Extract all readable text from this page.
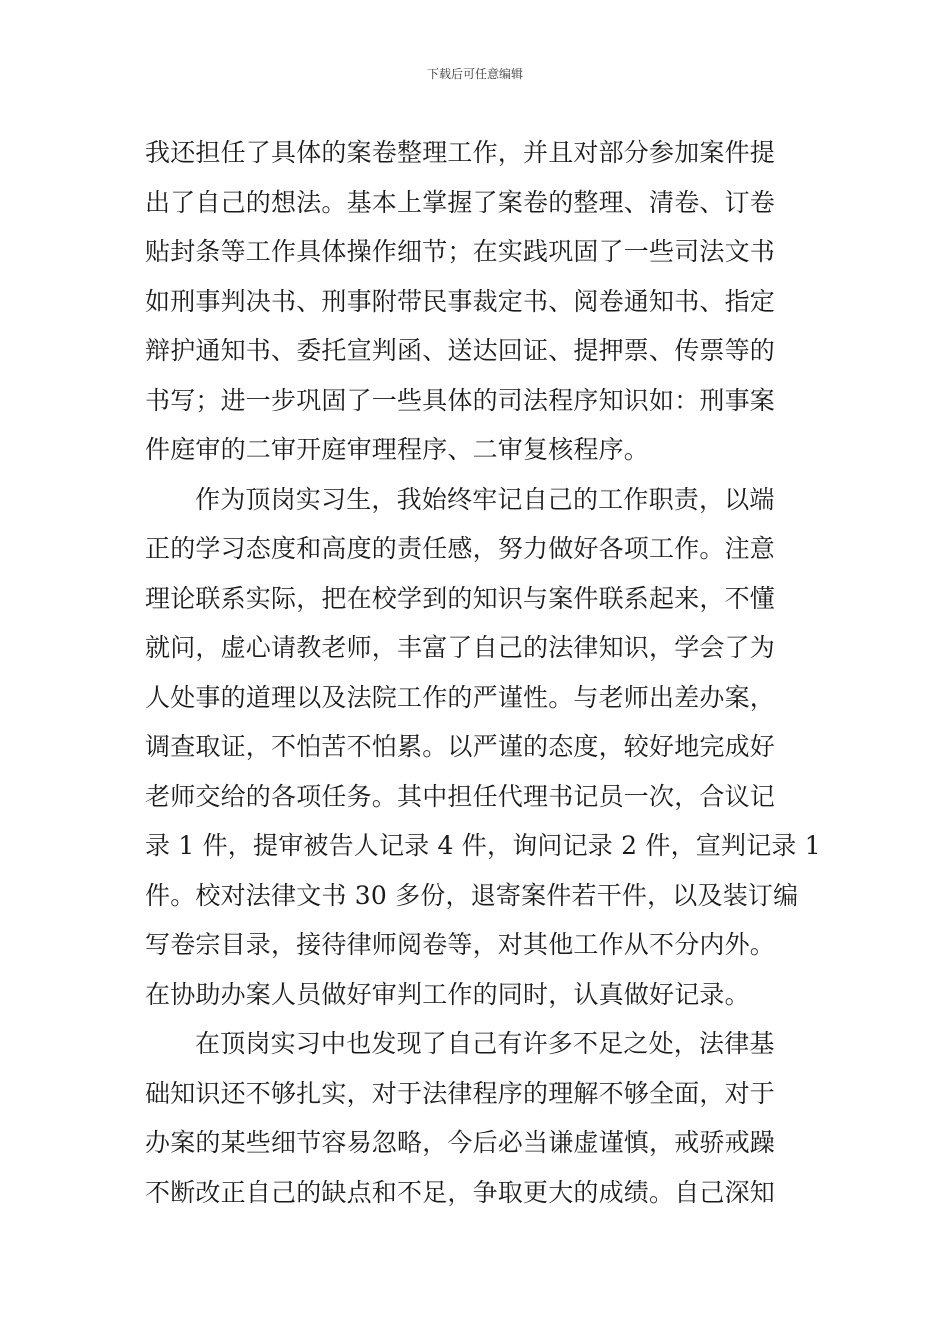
下载后可任意编辑
我还担任了具体的案卷整理工作，并且对部分参加案件提
出了自己的想法。基本上掌握了案卷的整理、清卷、订卷
贴封条等工作具体操作细节；在实践巩固了一些司法文书
如刑事判决书、刑事附带民事裁定书、阅卷通知书、指定
辩护通知书、委托宣判函、送达回证、提押票、传票等的
书写；进一步巩固了一些具体的司法程序知识如：刑事案
件庭审的二审开庭审理程序、二审复核程序。
作为顶岗实习生，我始终牢记自己的工作职责，以端
正的学习态度和高度的责任感，努力做好各项工作。注意
理论联系实际，把在校学到的知识与案件联系起来，不懂
就问，虚心请教老师，丰富了自己的法律知识，学会了为
人处事的道理以及法院工作的严谨性。与老师出差办案，
调查取证，不怕苦不怕累。以严谨的态度，较好地完成好
老师交给的各项任务。其中担任代理书记员一次，合议记
录 1 件，提审被告人记录 4 件，询问记录 2 件，宣判记录 1
件。校对法律文书 30 多份，退寄案件若干件，以及装订编
写卷宗目录，接待律师阅卷等，对其他工作从不分内外。
在协助办案人员做好审判工作的同时，认真做好记录。
在顶岗实习中也发现了自己有许多不足之处，法律基
础知识还不够扎实，对于法律程序的理解不够全面，对于
办案的某些细节容易忽略，今后必当谦虚谨慎，戒骄戒躁
不断改正自己的缺点和不足，争取更大的成绩。自己深知
